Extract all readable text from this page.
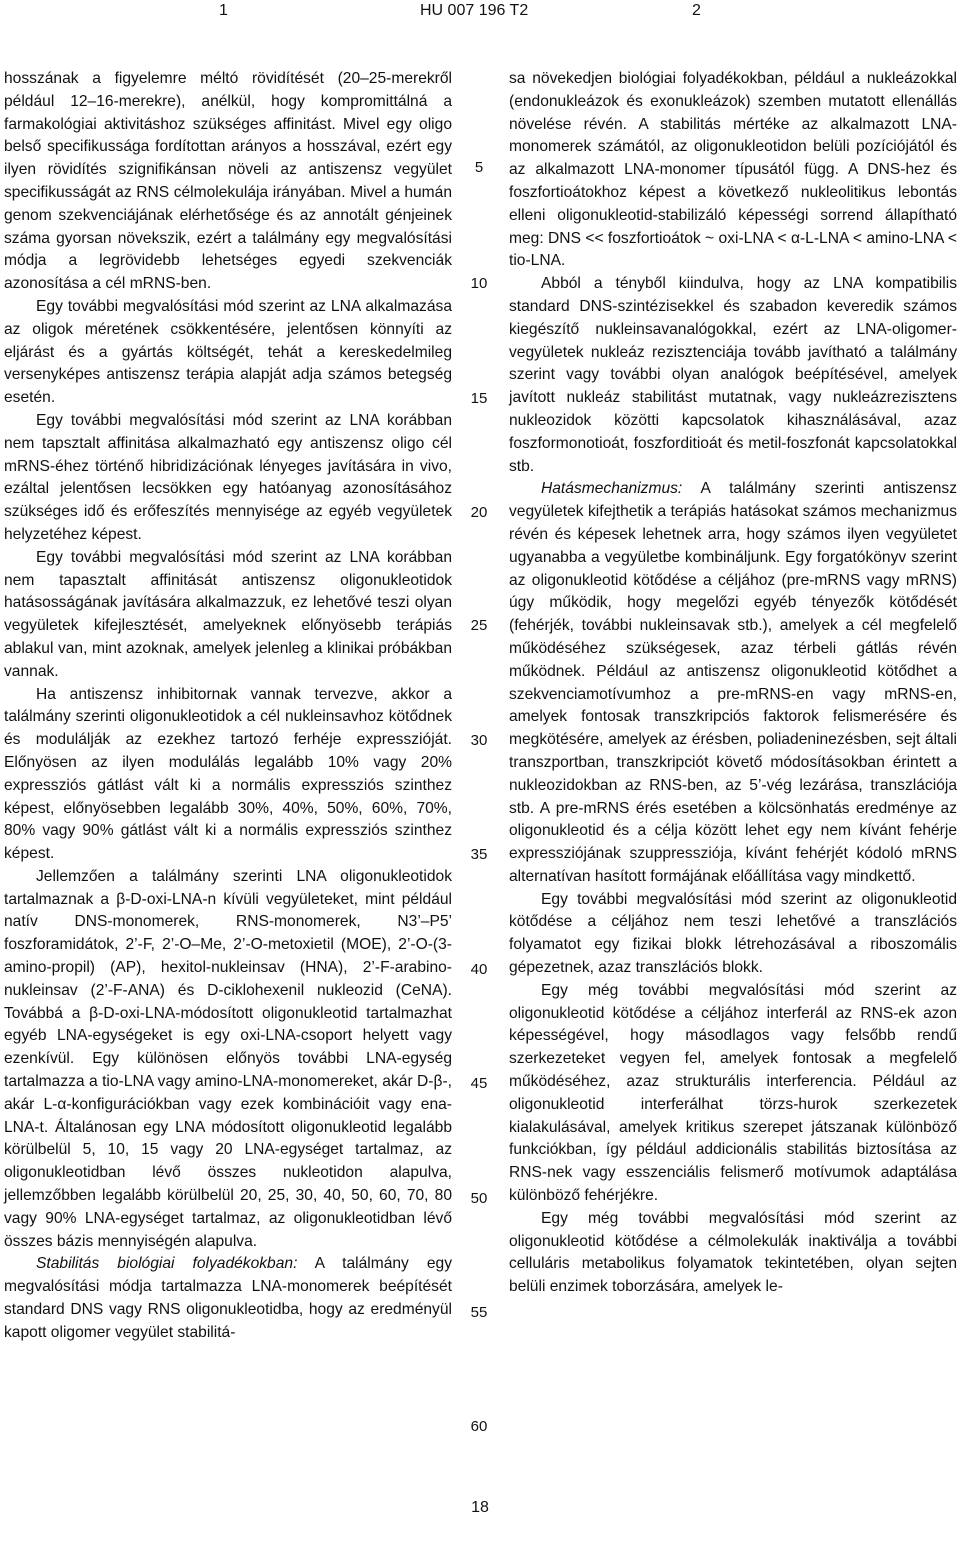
1	HU 007 196 T2	2

hosszának a figyelemre méltó rövidítését (20–25-merekről például 12–16-merekre), anélkül, hogy kompromittálná a farmakológiai aktivitáshoz szükséges affinitást. Mivel egy oligo belső specifikussága fordítottan arányos a hosszával, ezért egy ilyen rövidítés szignifikánsan növeli az antiszensz vegyület specifikusságát az RNS célmolekulája irányában. Mivel a humán genom szekvenciájának elérhetősége és az annotált génjeinek száma gyorsan növekszik, ezért a találmány egy megvalósítási módja a legrövidebb lehetséges egyedi szekvenciák azonosítása a cél mRNS-ben.

Egy további megvalósítási mód szerint az LNA alkalmazása az oligok méretének csökkentésére, jelentősen könnyíti az eljárást és a gyártás költségét, tehát a kereskedelmileg versenyképes antiszensz terápia alapját adja számos betegség esetén.

Egy további megvalósítási mód szerint az LNA korábban nem tapsztalt affinitása alkalmazható egy antiszensz oligo cél mRNS-éhez történő hibridizációnak lényeges javítására in vivo, ezáltal jelentősen lecsökken egy hatóanyag azonosításához szükséges idő és erőfeszítés mennyisége az egyéb vegyületek helyzetéhez képest.

Egy további megvalósítási mód szerint az LNA korábban nem tapasztalt affinitását antiszensz oligonukleotidok hatásosságának javítására alkalmazzuk, ez lehetővé teszi olyan vegyületek kifejlesztését, amelyeknek előnyösebb terápiás ablakul van, mint azoknak, amelyek jelenleg a klinikai próbákban vannak.

Ha antiszensz inhibitornak vannak tervezve, akkor a találmány szerinti oligonukleotidok a cél nukleinsavhoz kötődnek és modulálják az ezekhez tartozó ferhéje expresszióját. Előnyösen az ilyen modulálás legalább 10% vagy 20% expressziós gátlást vált ki a normális expressziós szinthez képest, előnyösebben legalább 30%, 40%, 50%, 60%, 70%, 80% vagy 90% gátlást vált ki a normális expressziós szinthez képest.

Jellemzően a találmány szerinti LNA oligonukleotidok tartalmaznak a β-D-oxi-LNA-n kívüli vegyületeket, mint például natív DNS-monomerek, RNS-monomerek, N3’–P5’ foszforamidátok, 2’-F, 2’-O–Me, 2’-O-metoxietil (MOE), 2’-O-(3-amino-propil) (AP), hexitol-nukleinsav (HNA), 2’-F-arabino-nukleinsav (2’-F-ANA) és D-ciklohexenil nukleozid (CeNA). Továbbá a β-D-oxi-LNA-módosított oligonukleotid tartalmazhat egyéb LNA-egységeket is egy oxi-LNA-csoport helyett vagy ezenkívül. Egy különösen előnyös további LNA-egység tartalmazza a tio-LNA vagy amino-LNA-monomereket, akár D-β-, akár L-α-konfigurációkban vagy ezek kombinációit vagy ena-LNA-t. Általánosan egy LNA módosított oligonukleotid legalább körülbelül 5, 10, 15 vagy 20 LNA-egységet tartalmaz, az oligonukleotidban lévő összes nukleotidon alapulva, jellemzőbben legalább körülbelül 20, 25, 30, 40, 50, 60, 70, 80 vagy 90% LNA-egységet tartalmaz, az oligonukleotidban lévő összes bázis mennyiségén alapulva.

Stabilitás biológiai folyadékokban: A találmány egy megvalósítási módja tartalmazza LNA-monomerek beépítését standard DNS vagy RNS oligonukleotidba, hogy az eredményül kapott oligomer vegyület stabilitá-

5
10
15
20
25
30
35
40
45
50
55
60

sa növekedjen biológiai folyadékokban, például a nukleázokkal (endonukleázok és exonukleázok) szemben mutatott ellenállás növelése révén. A stabilitás mértéke az alkalmazott LNA-monomerek számától, az oligonukleotidon belüli pozíciójától és az alkalmazott LNA-monomer típusától függ. A DNS-hez és foszfortioátokhoz képest a következő nukleolitikus lebontás elleni oligonukleotid-stabilizáló képességi sorrend állapítható meg: DNS << foszfortioátok ~ oxi-LNA < α-L-LNA < amino-LNA < tio-LNA.

Abból a tényből kiindulva, hogy az LNA kompatibilis standard DNS-szintézisekkel és szabadon keveredik számos kiegészítő nukleinsavanalógokkal, ezért az LNA-oligomer-vegyületek nukleáz rezisztenciája tovább javítható a találmány szerint vagy további olyan analógok beépítésével, amelyek javított nukleáz stabilitást mutatnak, vagy nukleázrezisztens nukleozidok közötti kapcsolatok kihasználásával, azaz foszformonotioát, foszforditioát és metil-foszfonát kapcsolatokkal stb.

Hatásmechanizmus: A találmány szerinti antiszensz vegyületek kifejthetik a terápiás hatásokat számos mechanizmus révén és képesek lehetnek arra, hogy számos ilyen vegyületet ugyanabba a vegyületbe kombináljunk. Egy forgatókönyv szerint az oligonukleotid kötődése a céljához (pre-mRNS vagy mRNS) úgy működik, hogy megelőzi egyéb tényezők kötődését (fehérjék, további nukleinsavak stb.), amelyek a cél megfelelő működéséhez szükségesek, azaz térbeli gátlás révén működnek. Például az antiszensz oligonukleotid kötődhet a szekvenciamotívumhoz a pre-mRNS-en vagy mRNS-en, amelyek fontosak transzkripciós faktorok felismerésére és megkötésére, amelyek az érésben, poliadeninezésben, sejt általi transzportban, transzkripciót követő módosításokban érintett a nukleozidokban az RNS-ben, az 5’-vég lezárása, transzlációja stb. A pre-mRNS érés esetében a kölcsönhatás eredménye az oligonukleotid és a célja között lehet egy nem kívánt fehérje expressziójának szuppressziója, kívánt fehérjét kódoló mRNS alternatívan hasított formájának előállítása vagy mindkettő.

Egy további megvalósítási mód szerint az oligonukleotid kötődése a céljához nem teszi lehetővé a transzlációs folyamatot egy fizikai blokk létrehozásával a riboszomális gépezetnek, azaz transzlációs blokk.

Egy még további megvalósítási mód szerint az oligonukleotid kötődése a céljához interferál az RNS-ek azon képességével, hogy másodlagos vagy felsőbb rendű szerkezeteket vegyen fel, amelyek fontosak a megfelelő működéséhez, azaz strukturális interferencia. Például az oligonukleotid interferálhat törzs-hurok szerkezetek kialakulásával, amelyek kritikus szerepet játszanak különböző funkciókban, így például addicionális stabilitás biztosítása az RNS-nek vagy esszenciális felismerő motívumok adaptálása különböző fehérjékre.

Egy még további megvalósítási mód szerint az oligonukleotid kötődése a célmolekulák inaktiválja a további celluláris metabolikus folyamatok tekintetében, olyan sejten belüli enzimek toborzására, amelyek le-

18
